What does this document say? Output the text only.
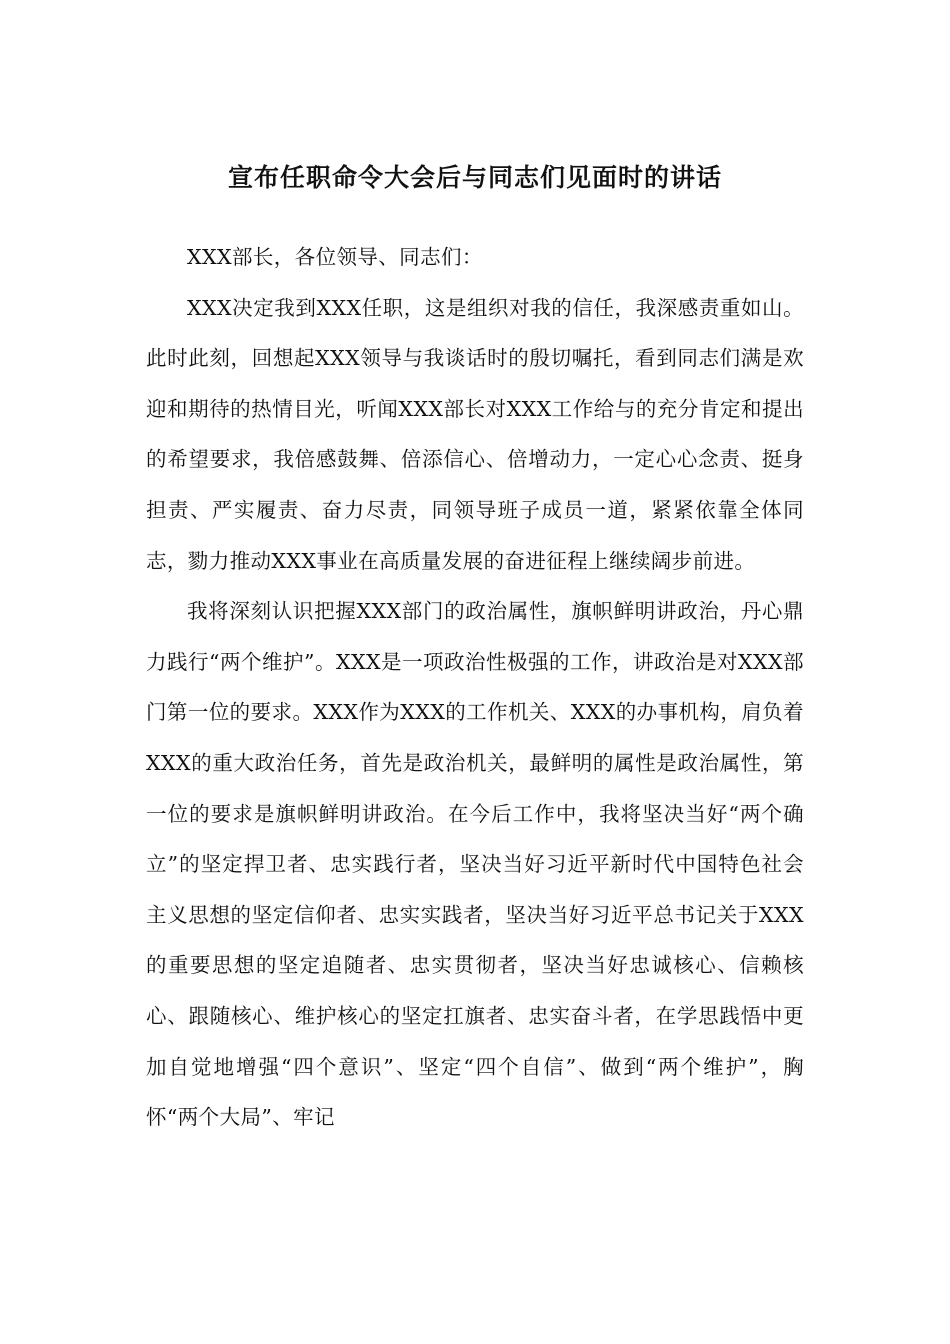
宣布任职命令大会后与同志们见面时的讲话

XXX部长，各位领导、同志们：

XXX决定我到XXX任职，这是组织对我的信任，我深感责重如山。此时此刻，回想起XXX领导与我谈话时的殷切嘱托，看到同志们满是欢迎和期待的热情目光，听闻XXX部长对XXX工作给与的充分肯定和提出的希望要求，我倍感鼓舞、倍添信心、倍增动力，一定心心念责、挺身担责、严实履责、奋力尽责，同领导班子成员一道，紧紧依靠全体同志，勠力推动XXX事业在高质量发展的奋进征程上继续阔步前进。

我将深刻认识把握XXX部门的政治属性，旗帜鲜明讲政治，丹心鼎力践行“两个维护”。XXX是一项政治性极强的工作，讲政治是对XXX部门第一位的要求。XXX作为XXX的工作机关、XXX的办事机构，肩负着XXX的重大政治任务，首先是政治机关，最鲜明的属性是政治属性，第一位的要求是旗帜鲜明讲政治。在今后工作中，我将坚决当好“两个确立”的坚定捍卫者、忠实践行者，坚决当好习近平新时代中国特色社会主义思想的坚定信仰者、忠实实践者，坚决当好习近平总书记关于XXX的重要思想的坚定追随者、忠实贯彻者，坚决当好忠诚核心、信赖核心、跟随核心、维护核心的坚定扛旗者、忠实奋斗者，在学思践悟中更加自觉地增强“四个意识”、坚定“四个自信”、做到“两个维护”，胸怀“两个大局”、牢记
